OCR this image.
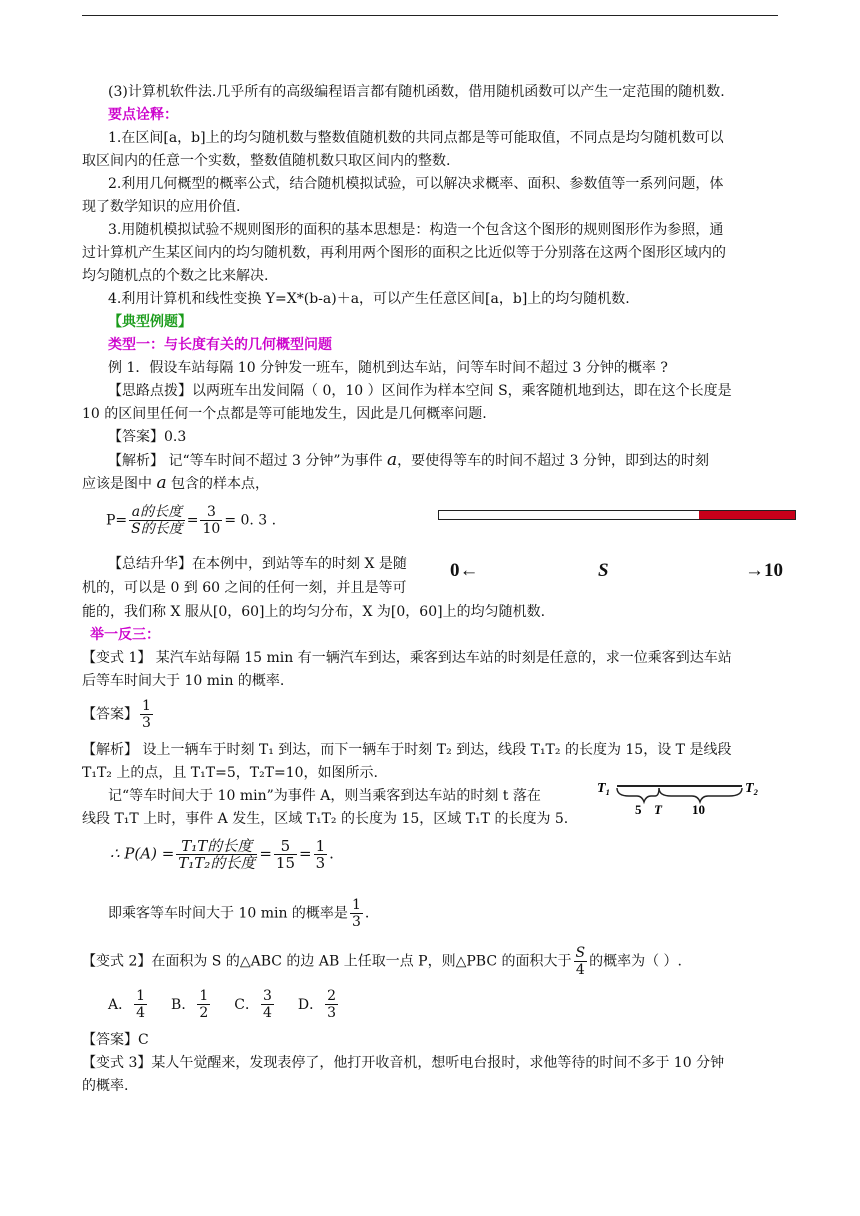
(3)计算机软件法.几乎所有的高级编程语言都有随机函数，借用随机函数可以产生一定范围的随机数.
要点诠释：
1.在区间[a，b]上的均匀随机数与整数值随机数的共同点都是等可能取值，不同点是均匀随机数可以
取区间内的任意一个实数，整数值随机数只取区间内的整数.
2.利用几何概型的概率公式，结合随机模拟试验，可以解决求概率、面积、参数值等一系列问题，体
现了数学知识的应用价值.
3.用随机模拟试验不规则图形的面积的基本思想是：构造一个包含这个图形的规则图形作为参照，通
过计算机产生某区间内的均匀随机数，再利用两个图形的面积之比近似等于分别落在这两个图形区域内的
均匀随机点的个数之比来解决.
4.利用计算机和线性变换 Y=X*(b-a)＋a，可以产生任意区间[a，b]上的均匀随机数.
【典型例题】
类型一：与长度有关的几何概型问题
例 1．假设车站每隔 10 分钟发一班车，随机到达车站，问等车时间不超过 3 分钟的概率 ?
【思路点拨】以两班车出发间隔（ 0，10 ）区间作为样本空间 S，乘客随机地到达，即在这个长度是
10 的区间里任何一个点都是等可能地发生，因此是几何概率问题.
【答案】0.3
【解析】 记“等车时间不超过 3 分钟”为事件 a，要使得等车的时间不超过 3 分钟，即到达的时刻
应该是图中 a 包含的样本点，
$P= \frac{\text{a的长度}}{\text{S的长度}} = \frac{3}{10} = 0$. 3 .
0←	S	→10
【总结升华】在本例中，到站等车的时刻 X 是随
机的，可以是 0 到 60 之间的任何一刻，并且是等可
能的，我们称 X 服从[0，60]上的均匀分布，X 为[0，60]上的均匀随机数.
举一反三：
【变式 1】 某汽车站每隔 15 min 有一辆汽车到达，乘客到达车站的时刻是任意的，求一位乘客到达车站
后等车时间大于 10 min 的概率.
【答案】 $\frac{1}{3}$
【解析】 设上一辆车于时刻 T₁ 到达，而下一辆车于时刻 T₂ 到达，线段 T₁T₂ 的长度为 15，设 T 是线段
T₁T₂ 上的点，且 T₁T=5，T₂T=10，如图所示.
记“等车时间大于 10 min”为事件 A，则当乘客到达车站的时刻 t 落在
线段 T₁T 上时，事件 A 发生，区域 T₁T₂ 的长度为 15，区域 T₁T 的长度为 5.
T₁	T₂
5 T 10
∴ $P(A) = \frac{\text{T₁T的长度}}{\text{T₁T₂的长度}} = \frac{5}{15} = \frac{1}{3}$ .
即乘客等车时间大于 10 min 的概率是 $\frac{1}{3}$ .
【变式 2】在面积为 S 的△ABC 的边 AB 上任取一点 P，则△PBC 的面积大于 $\frac{S}{4}$ 的概率为（ ）.
A． $\frac{1}{4}$ B． $\frac{1}{2}$ C． $\frac{3}{4}$ D． $\frac{2}{3}$
【答案】C
【变式 3】某人午觉醒来，发现表停了，他打开收音机，想听电台报时，求他等待的时间不多于 10 分钟
的概率.
